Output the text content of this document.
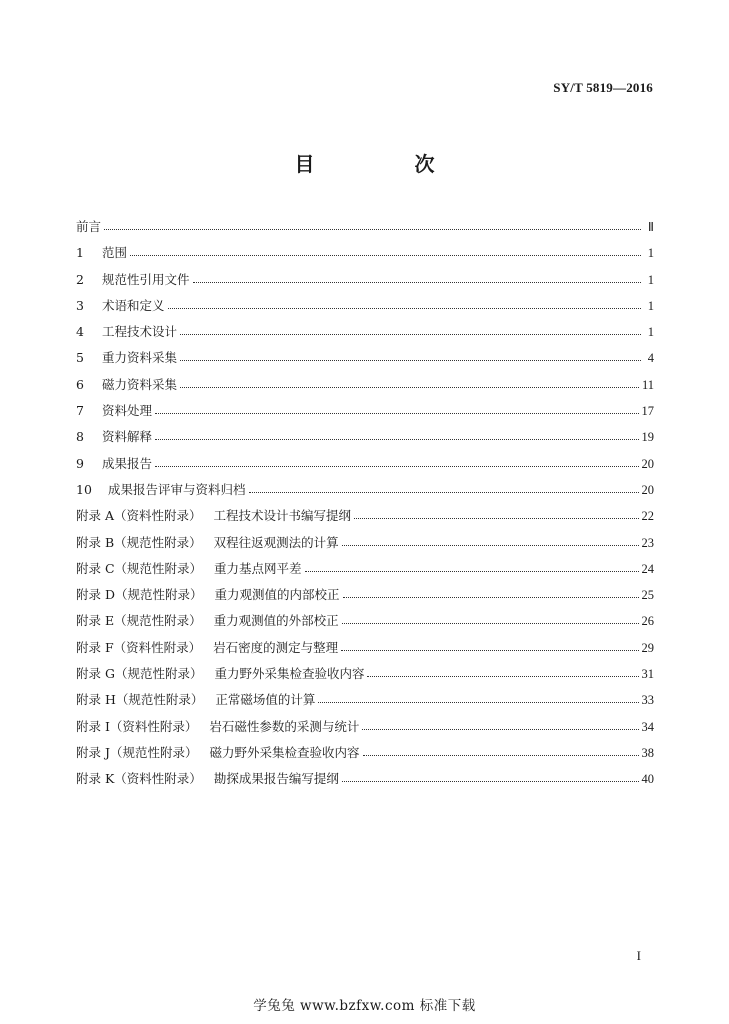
SY/T 5819—2016
目　次
前言	Ⅱ
1	范围	1
2	规范性引用文件	1
3	术语和定义	1
4	工程技术设计	1
5	重力资料采集	4
6	磁力资料采集	11
7	资料处理	17
8	资料解释	19
9	成果报告	20
10	成果报告评审与资料归档	20
附录 A（资料性附录） 工程技术设计书编写提纲	22
附录 B（规范性附录） 双程往返观测法的计算	23
附录 C（规范性附录） 重力基点网平差	24
附录 D（规范性附录） 重力观测值的内部校正	25
附录 E（规范性附录） 重力观测值的外部校正	26
附录 F（资料性附录） 岩石密度的测定与整理	29
附录 G（规范性附录） 重力野外采集检查验收内容	31
附录 H（规范性附录） 正常磁场值的计算	33
附录 I（资料性附录） 岩石磁性参数的采测与统计	34
附录 J（规范性附录） 磁力野外采集检查验收内容	38
附录 K（资料性附录） 勘探成果报告编写提纲	40
I
学兔兔 www.bzfxw.com 标准下载
